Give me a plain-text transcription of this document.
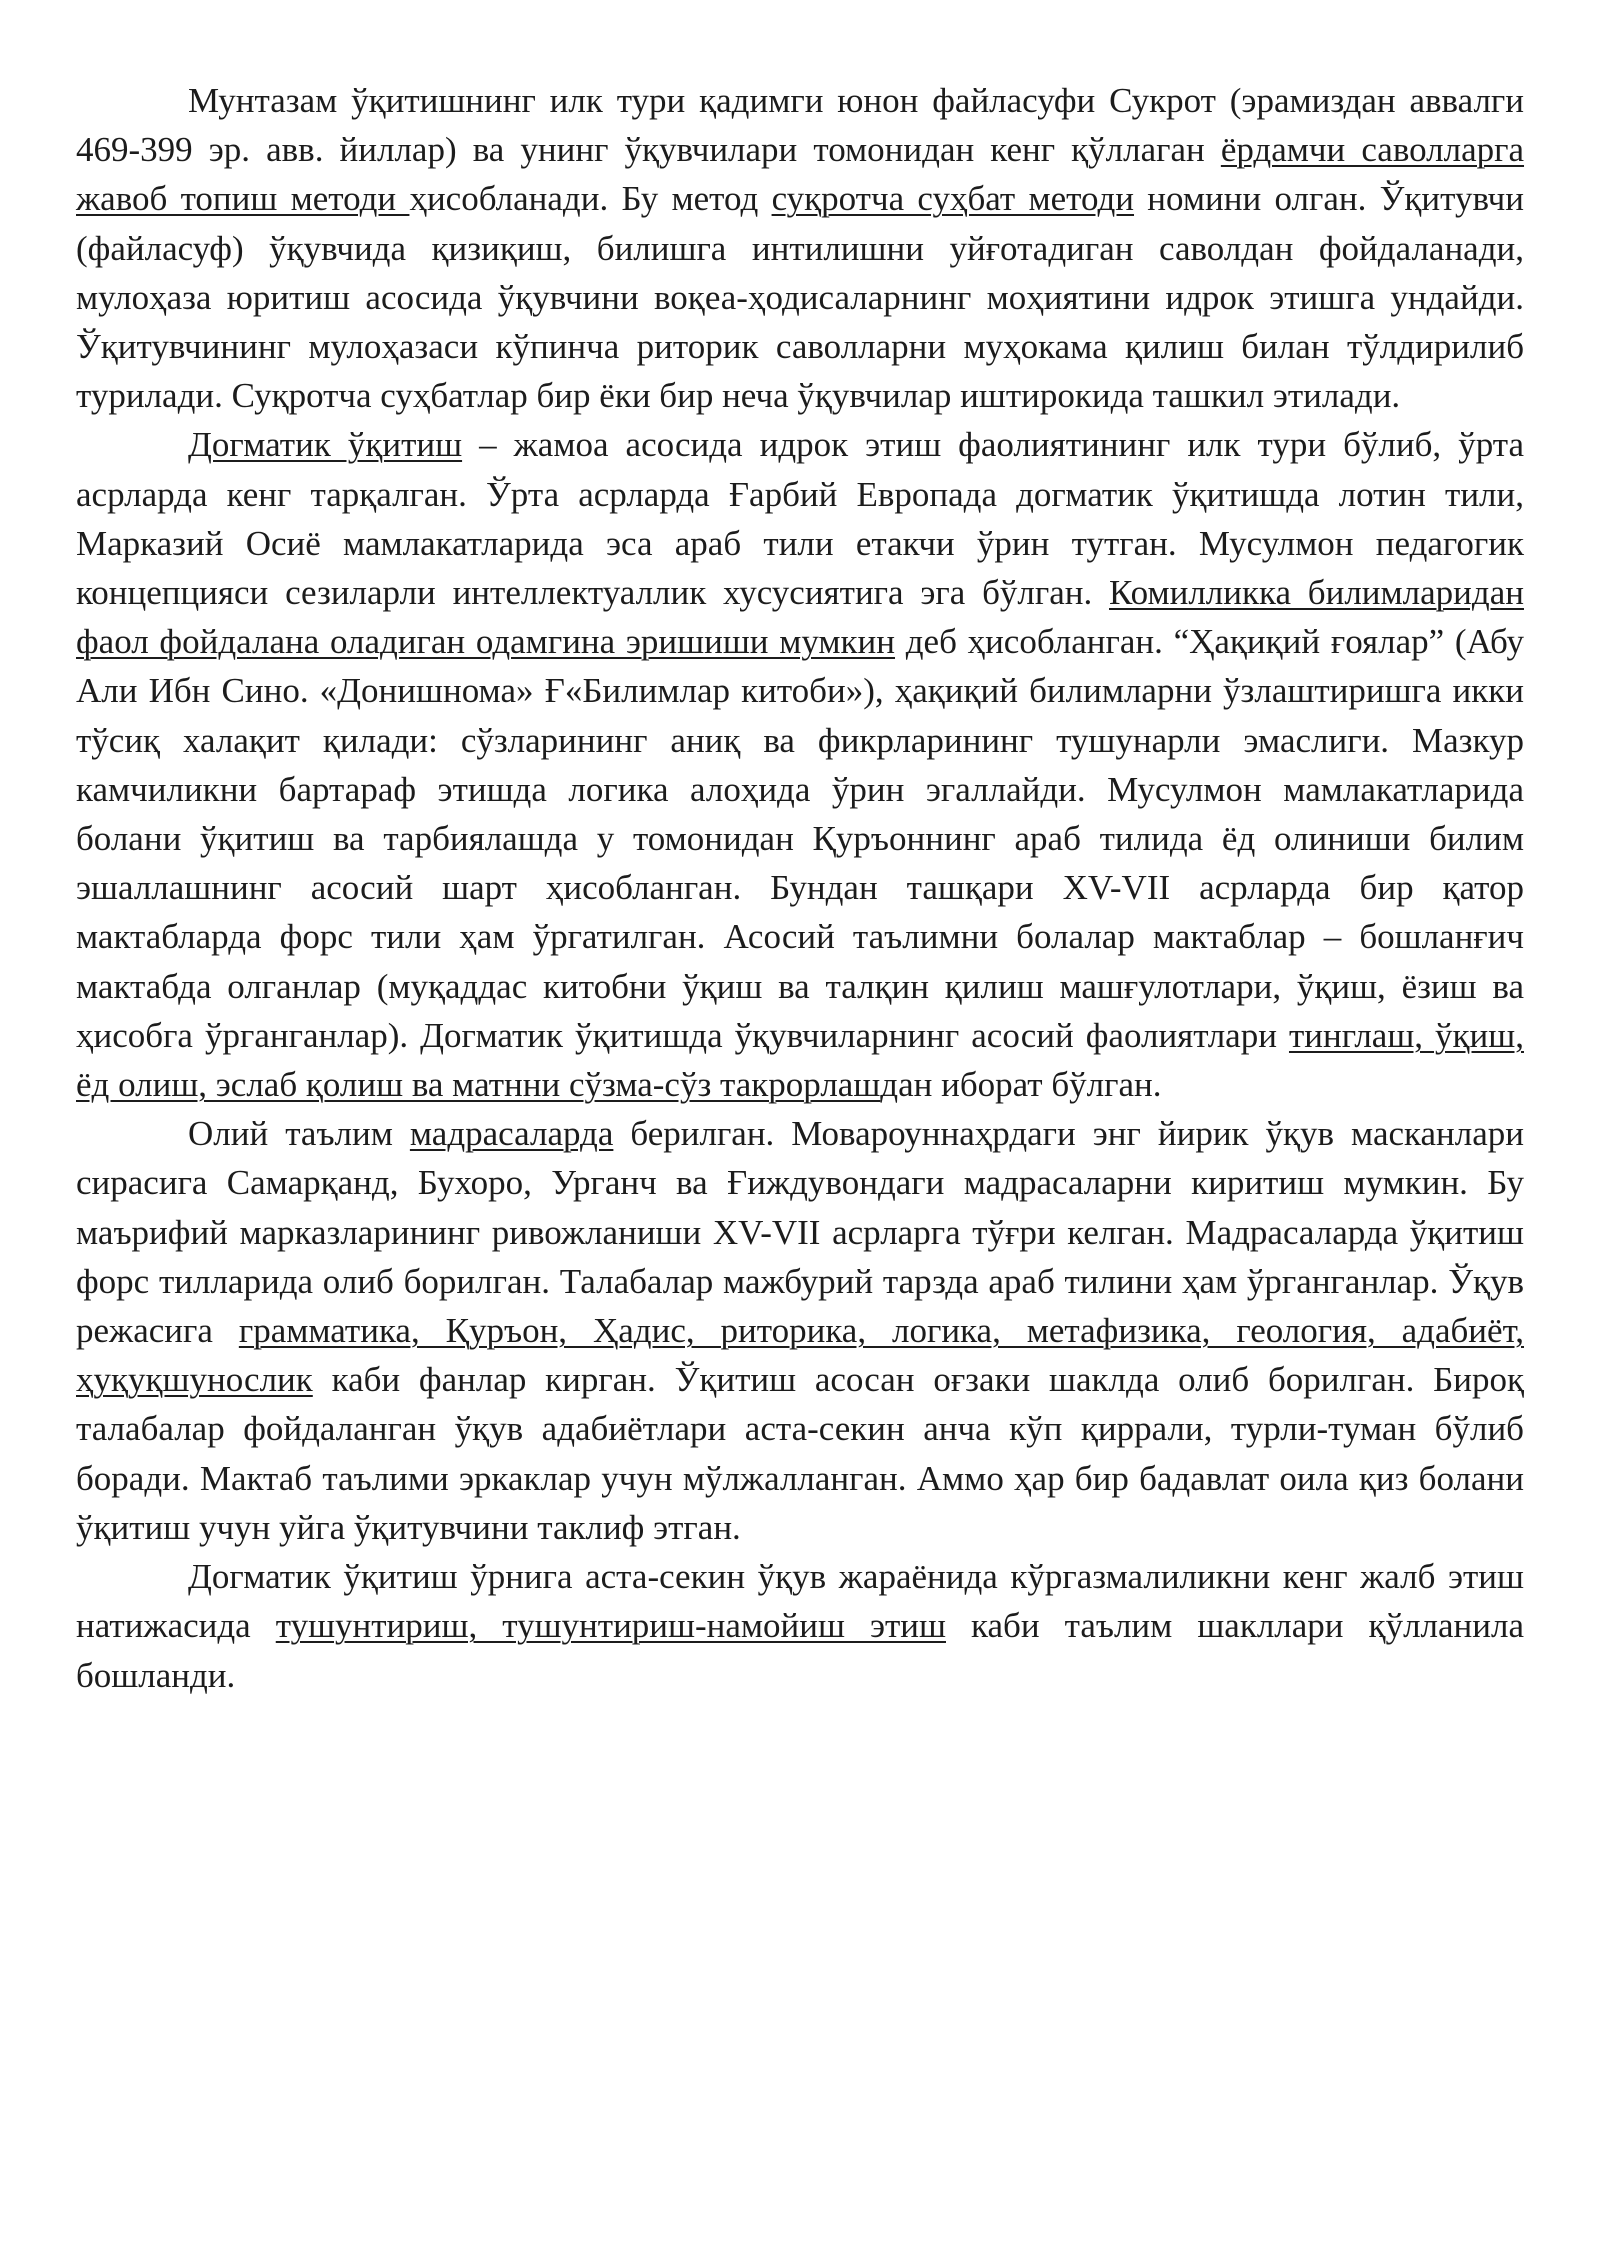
Мунтазам ўқитишнинг илк тури қадимги юнон файласуфи Сукрот (эрамиздан аввалги 469-399 эр. авв. йиллар) ва унинг ўқувчилари томонидан кенг қўллаган ёрдамчи саволларга жавоб топиш методи ҳисобланади. Бу метод суқротча суҳбат методи номини олган. Ўқитувчи (файласуф) ўқувчида қизиқиш, билишга интилишни уйғотадиган саволдан фойдаланади, мулоҳаза юритиш асосида ўқувчини воқеа-ҳодисаларнинг моҳиятини идрок этишга ундайди. Ўқитувчининг мулоҳазаси кўпинча риторик саволларни муҳокама қилиш билан тўлдирилиб турилади. Суқротча суҳбатлар бир ёки бир неча ўқувчилар иштирокида ташкил этилади.

Догматик ўқитиш – жамоа асосида идрок этиш фаолиятининг илк тури бўлиб, ўрта асрларда кенг тарқалган. Ўрта асрларда Ғарбий Европада догматик ўқитишда лотин тили, Марказий Осиё мамлакатларида эса араб тили етакчи ўрин тутган. Мусулмон педагогик концепцияси сезиларли интеллектуаллик хусусиятига эга бўлган. Комилликка билимларидан фаол фойдалана оладиган одамгина эришиши мумкин деб ҳисобланган. “Ҳақиқий ғоялар” (Абу Али Ибн Сино. «Донишнома» Ғ«Билимлар китоби»), ҳақиқий билимларни ўзлаштиришга икки тўсиқ халақит қилади: сўзларининг аниқ ва фикрларининг тушунарли эмаслиги. Мазкур камчиликни бартараф этишда логика алоҳида ўрин эгаллайди. Мусулмон мамлакатларида болани ўқитиш ва тарбиялашда у томонидан Қуръоннинг араб тилида ёд олиниши билим эшаллашнинг асосий шарт ҳисобланган. Бундан ташқари XV-VII асрларда бир қатор мактабларда форс тили ҳам ўргатилган. Асосий таълимни болалар мактаблар – бошланғич мактабда олганлар (муқаддас китобни ўқиш ва талқин қилиш машғулотлари, ўқиш, ёзиш ва ҳисобга ўрганганлар). Догматик ўқитишда ўқувчиларнинг асосий фаолиятлари тинглаш, ўқиш, ёд олиш, эслаб қолиш ва матнни сўзма-сўз такрорлашдан иборат бўлган.

Олий таълим мадрасаларда берилган. Мовароуннаҳрдаги энг йирик ўқув масканлари сирасига Самарқанд, Бухоро, Урганч ва Ғиждувондаги мадрасаларни киритиш мумкин. Бу маърифий марказларининг ривожланиши XV-VII асрларга тўғри келган. Мадрасаларда ўқитиш форс тилларида олиб борилган. Талабалар мажбурий тарзда араб тилини ҳам ўрганганлар. Ўқув режасига грамматика, Қуръон, Ҳадис, риторика, логика, метафизика, геология, адабиёт, ҳуқуқшунослик каби фанлар кирган. Ўқитиш асосан оғзаки шаклда олиб борилган. Бироқ талабалар фойдаланган ўқув адабиётлари аста-секин анча кўп қиррали, турли-туман бўлиб боради. Мактаб таълими эркаклар учун мўлжалланган. Аммо ҳар бир бадавлат оила қиз болани ўқитиш учун уйга ўқитувчини таклиф этган.

Догматик ўқитиш ўрнига аста-секин ўқув жараёнида кўргазмалиликни кенг жалб этиш натижасида тушунтириш, тушунтириш-намойиш этиш каби таълим шакллари қўлланила бошланди.
